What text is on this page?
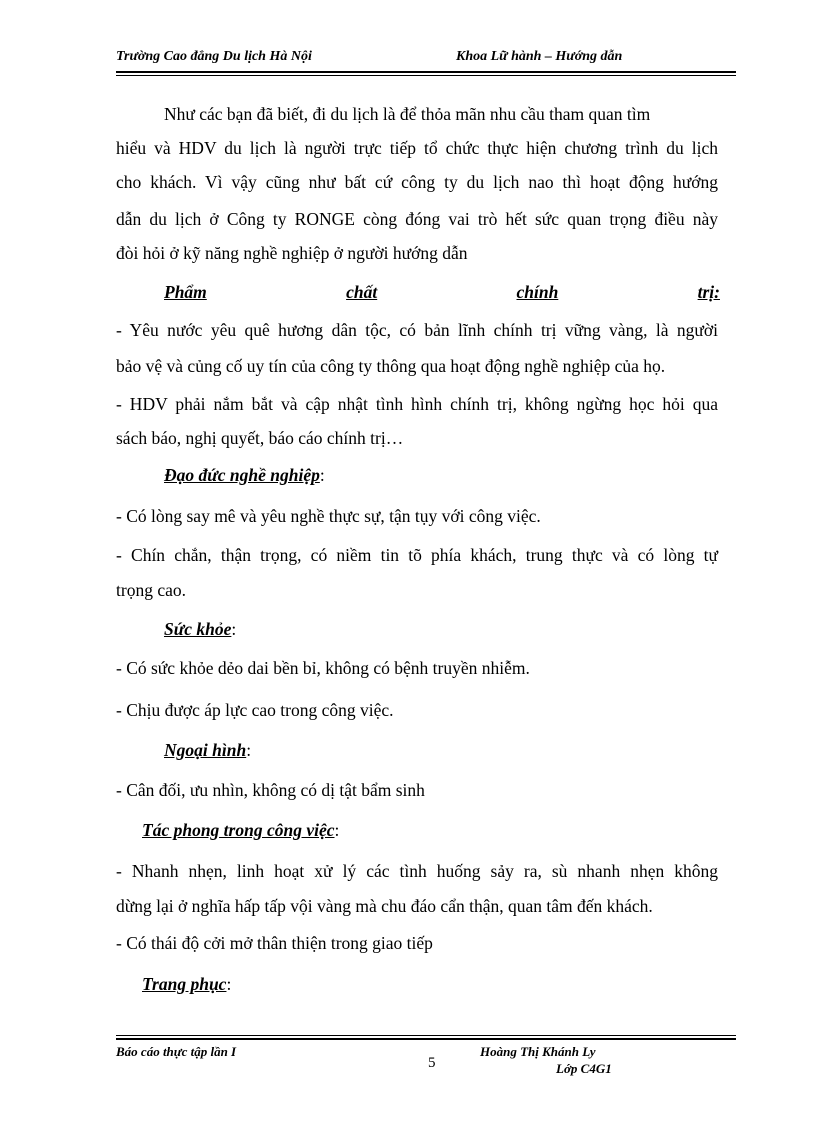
Trường Cao đẳng Du lịch Hà Nội	Khoa Lữ hành – Hướng dẫn
Như các bạn đã biết, đi du lịch là để thỏa mãn nhu cầu tham quan tìm
hiểu và HDV du lịch là người trực tiếp tổ chức thực hiện chương trình du lịch
cho khách. Vì vậy cũng như bất cứ công ty du lịch nao thì hoạt động hướng
dẫn du lịch ở Công ty RONGE còng đóng vai trò hết sức quan trọng điều này
đòi hỏi ở kỹ năng nghề nghiệp ở người hướng dẫn
Phẩm	chất	chính	trị:
- Yêu nước yêu quê hương dân tộc, có bản lĩnh chính trị vững vàng, là người
bảo vệ và củng cố uy tín của công ty thông qua hoạt động nghề nghiệp của họ.
- HDV phải nắm bắt và cập nhật tình hình chính trị, không ngừng học hỏi qua
sách báo, nghị quyết, báo cáo chính trị…
Đạo đức nghề nghiệp:
- Có lòng say mê và yêu nghề thực sự, tận tụy với công việc.
- Chín chắn, thận trọng, có niềm tin tõ phía khách, trung thực và có lòng tự
trọng cao.
Sức khỏe:
- Có sức khỏe dẻo dai bền bỉ, không có bệnh truyền nhiễm.
- Chịu được áp lực cao trong công việc.
Ngoại hình:
- Cân đối, ưu nhìn, không có dị tật bẩm sinh
Tác phong trong công việc:
- Nhanh nhẹn, linh hoạt xử lý các tình huống sảy ra, sù nhanh nhẹn không
dừng lại ở nghĩa hấp tấp vội vàng mà chu đáo cẩn thận, quan tâm đến khách.
- Có thái độ cởi mở thân thiện trong giao tiếp
Trang phục:
Báo cáo thực tập lần I
5
Hoàng Thị Khánh Ly
Lớp C4G1
